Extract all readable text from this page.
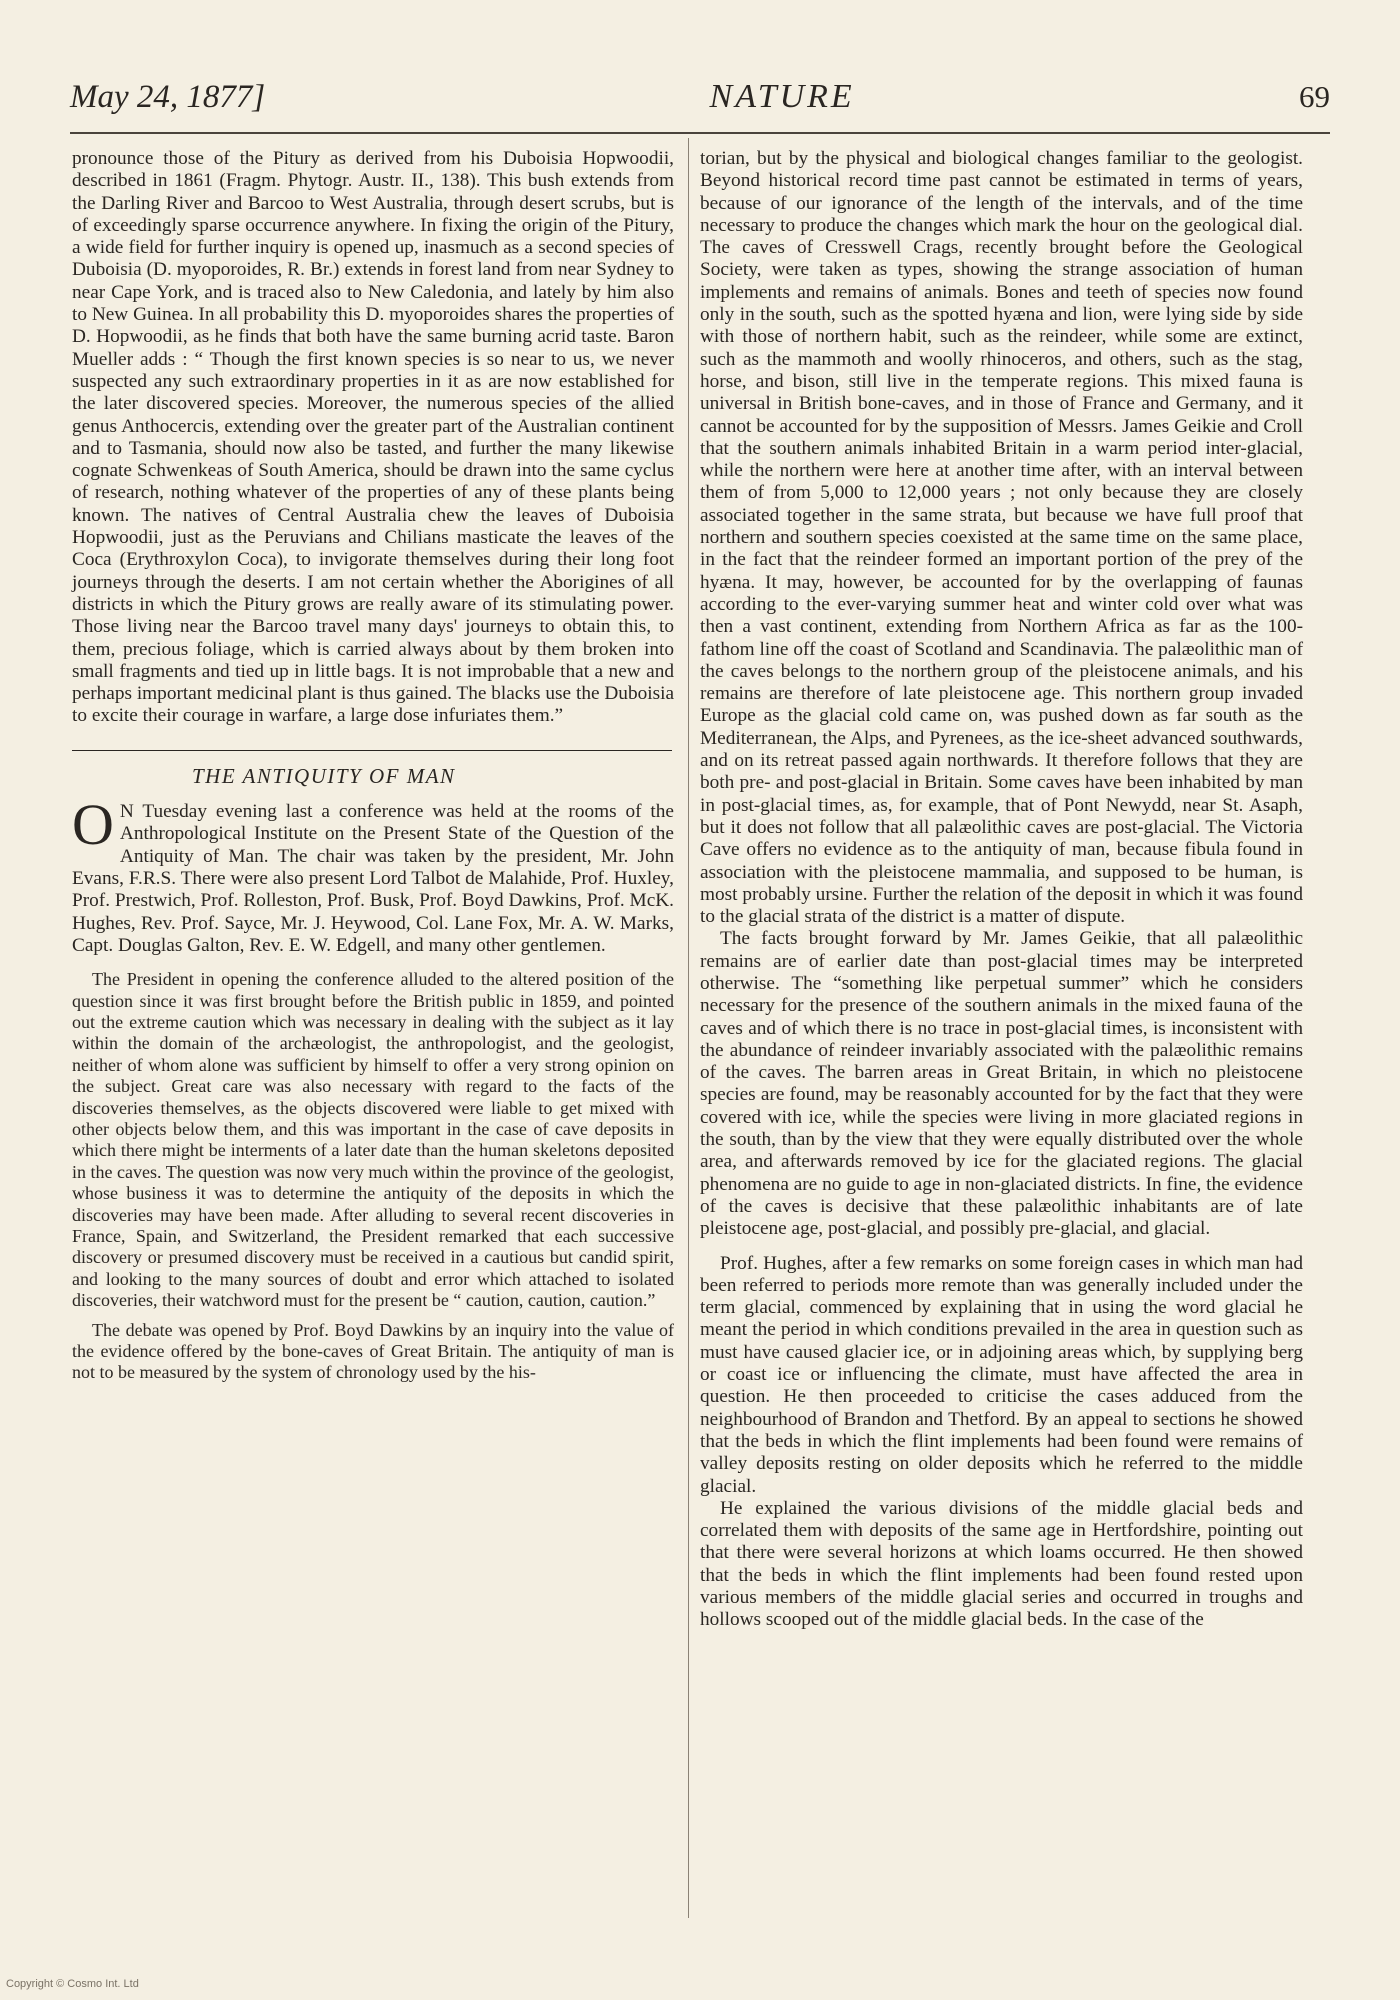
May 24, 1877]	NATURE	69

pronounce those of the Pitury as derived from his Duboisia Hopwoodii, described in 1861 (Fragm. Phytogr. Austr. II., 138). This bush extends from the Darling River and Barcoo to West Australia, through desert scrubs, but is of exceedingly sparse occurrence anywhere. In fixing the origin of the Pitury, a wide field for further inquiry is opened up, inasmuch as a second species of Duboisia (D. myoporoides, R. Br.) extends in forest land from near Sydney to near Cape York, and is traced also to New Caledonia, and lately by him also to New Guinea. In all probability this D. myoporoides shares the properties of D. Hopwoodii, as he finds that both have the same burning acrid taste. Baron Mueller adds : “ Though the first known species is so near to us, we never suspected any such extraordinary properties in it as are now established for the later discovered species. Moreover, the numerous species of the allied genus Anthocercis, extending over the greater part of the Australian continent and to Tasmania, should now also be tasted, and further the many likewise cognate Schwenkeas of South America, should be drawn into the same cyclus of research, nothing whatever of the properties of any of these plants being known. The natives of Central Australia chew the leaves of Duboisia Hopwoodii, just as the Peruvians and Chilians masticate the leaves of the Coca (Erythroxylon Coca), to invigorate themselves during their long foot journeys through the deserts. I am not certain whether the Aborigines of all districts in which the Pitury grows are really aware of its stimulating power. Those living near the Barcoo travel many days' journeys to obtain this, to them, precious foliage, which is carried always about by them broken into small fragments and tied up in little bags. It is not improbable that a new and perhaps important medicinal plant is thus gained. The blacks use the Duboisia to excite their courage in warfare, a large dose infuriates them.”

THE ANTIQUITY OF MAN

O N Tuesday evening last a conference was held at the rooms of the Anthropological Institute on the Present State of the Question of the Antiquity of Man. The chair was taken by the president, Mr. John Evans, F.R.S. There were also present Lord Talbot de Malahide, Prof. Huxley, Prof. Prestwich, Prof. Rolleston, Prof. Busk, Prof. Boyd Dawkins, Prof. McK. Hughes, Rev. Prof. Sayce, Mr. J. Heywood, Col. Lane Fox, Mr. A. W. Marks, Capt. Douglas Galton, Rev. E. W. Edgell, and many other gentlemen.

The President in opening the conference alluded to the altered position of the question since it was first brought before the British public in 1859, and pointed out the extreme caution which was necessary in dealing with the subject as it lay within the domain of the archæologist, the anthropologist, and the geologist, neither of whom alone was sufficient by himself to offer a very strong opinion on the subject. Great care was also necessary with regard to the facts of the discoveries themselves, as the objects discovered were liable to get mixed with other objects below them, and this was important in the case of cave deposits in which there might be interments of a later date than the human skeletons deposited in the caves. The question was now very much within the province of the geologist, whose business it was to determine the antiquity of the deposits in which the discoveries may have been made. After alluding to several recent discoveries in France, Spain, and Switzerland, the President remarked that each successive discovery or presumed discovery must be received in a cautious but candid spirit, and looking to the many sources of doubt and error which attached to isolated discoveries, their watchword must for the present be “ caution, caution, caution.”

The debate was opened by Prof. Boyd Dawkins by an inquiry into the value of the evidence offered by the bone-caves of Great Britain. The antiquity of man is not to be measured by the system of chronology used by the his-

torian, but by the physical and biological changes familiar to the geologist. Beyond historical record time past cannot be estimated in terms of years, because of our ignorance of the length of the intervals, and of the time necessary to produce the changes which mark the hour on the geological dial. The caves of Cresswell Crags, recently brought before the Geological Society, were taken as types, showing the strange association of human implements and remains of animals. Bones and teeth of species now found only in the south, such as the spotted hyæna and lion, were lying side by side with those of northern habit, such as the reindeer, while some are extinct, such as the mammoth and woolly rhinoceros, and others, such as the stag, horse, and bison, still live in the temperate regions. This mixed fauna is universal in British bone-caves, and in those of France and Germany, and it cannot be accounted for by the supposition of Messrs. James Geikie and Croll that the southern animals inhabited Britain in a warm period inter-glacial, while the northern were here at another time after, with an interval between them of from 5,000 to 12,000 years ; not only because they are closely associated together in the same strata, but because we have full proof that northern and southern species coexisted at the same time on the same place, in the fact that the reindeer formed an important portion of the prey of the hyæna. It may, however, be accounted for by the overlapping of faunas according to the ever-varying summer heat and winter cold over what was then a vast continent, extending from Northern Africa as far as the 100-fathom line off the coast of Scotland and Scandinavia. The palæolithic man of the caves belongs to the northern group of the pleistocene animals, and his remains are therefore of late pleistocene age. This northern group invaded Europe as the glacial cold came on, was pushed down as far south as the Mediterranean, the Alps, and Pyrenees, as the ice-sheet advanced southwards, and on its retreat passed again northwards. It therefore follows that they are both pre- and post-glacial in Britain. Some caves have been inhabited by man in post-glacial times, as, for example, that of Pont Newydd, near St. Asaph, but it does not follow that all palæolithic caves are post-glacial. The Victoria Cave offers no evidence as to the antiquity of man, because fibula found in association with the pleistocene mammalia, and supposed to be human, is most probably ursine. Further the relation of the deposit in which it was found to the glacial strata of the district is a matter of dispute.

The facts brought forward by Mr. James Geikie, that all palæolithic remains are of earlier date than post-glacial times may be interpreted otherwise. The “something like perpetual summer” which he considers necessary for the presence of the southern animals in the mixed fauna of the caves and of which there is no trace in post-glacial times, is inconsistent with the abundance of reindeer invariably associated with the palæolithic remains of the caves. The barren areas in Great Britain, in which no pleistocene species are found, may be reasonably accounted for by the fact that they were covered with ice, while the species were living in more glaciated regions in the south, than by the view that they were equally distributed over the whole area, and afterwards removed by ice for the glaciated regions. The glacial phenomena are no guide to age in non-glaciated districts. In fine, the evidence of the caves is decisive that these palæolithic inhabitants are of late pleistocene age, post-glacial, and possibly pre-glacial, and glacial.

Prof. Hughes, after a few remarks on some foreign cases in which man had been referred to periods more remote than was generally included under the term glacial, commenced by explaining that in using the word glacial he meant the period in which conditions prevailed in the area in question such as must have caused glacier ice, or in adjoining areas which, by supplying berg or coast ice or influencing the climate, must have affected the area in question. He then proceeded to criticise the cases adduced from the neighbourhood of Brandon and Thetford. By an appeal to sections he showed that the beds in which the flint implements had been found were remains of valley deposits resting on older deposits which he referred to the middle glacial.

He explained the various divisions of the middle glacial beds and correlated them with deposits of the same age in Hertfordshire, pointing out that there were several horizons at which loams occurred. He then showed that the beds in which the flint implements had been found rested upon various members of the middle glacial series and occurred in troughs and hollows scooped out of the middle glacial beds. In the case of the

Copyright © Cosmo Int. Ltd
